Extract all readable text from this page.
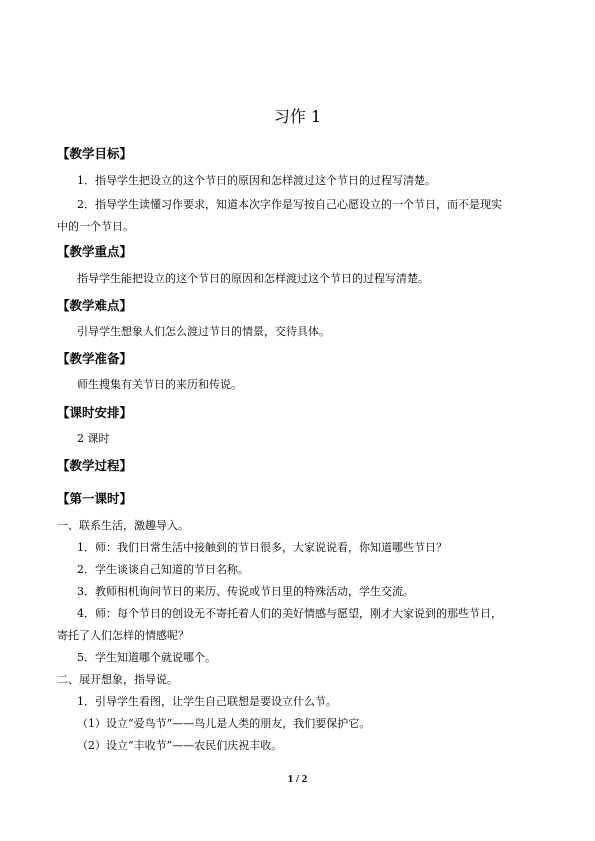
习作 1
【教学目标】
1．指导学生把设立的这个节日的原因和怎样渡过这个节日的过程写清楚。
2．指导学生读懂习作要求，知道本次字作是写按自己心愿设立的一个节日，而不是现实
中的一个节日。
【教学重点】
指导学生能把设立的这个节日的原因和怎样渡过这个节日的过程写清楚。
【教学难点】
引导学生想象人们怎么渡过节日的情景，交待具体。
【教学准备】
师生搜集有关节日的来历和传说。
【课时安排】
2 课时
【教学过程】
【第一课时】
一、联系生活，激趣导入。
1．师：我们日常生活中接触到的节日很多，大家说说看，你知道哪些节日？
2．学生谈谈自己知道的节日名称。
3．教师相机询问节日的来历、传说或节日里的特殊活动，学生交流。
4．师：每个节日的创设无不寄托着人们的美好情感与愿望，刚才大家说到的那些节日，
寄托了人们怎样的情感呢？
5．学生知道哪个就说哪个。
二、展开想象，指导说。
1．引导学生看图，让学生自己联想是要设立什么节。
（1）设立“爱鸟节”——鸟儿是人类的朋友，我们要保护它。
（2）设立“丰收节”——农民们庆祝丰收。
1 / 2
